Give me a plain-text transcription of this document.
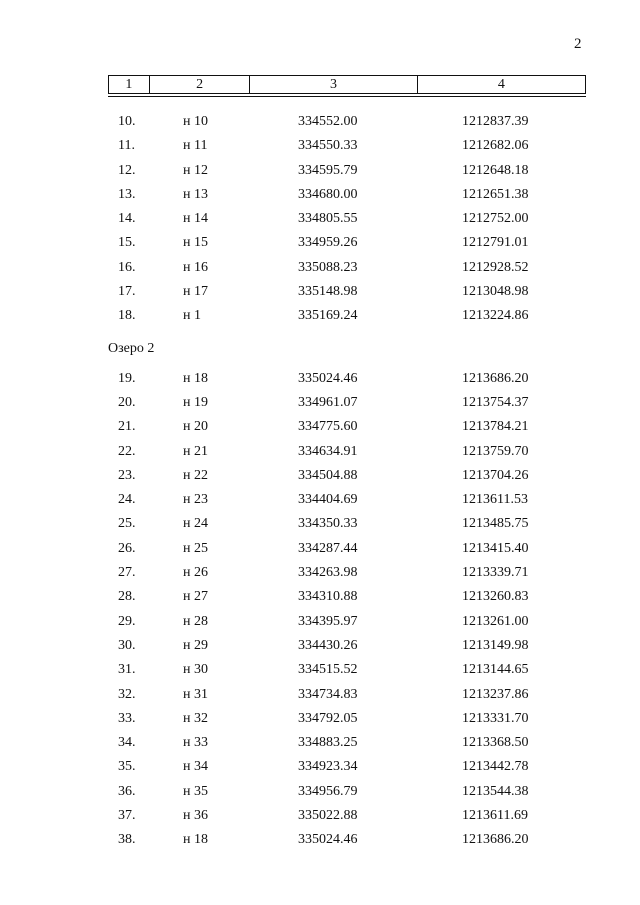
2
1	2	3	4
10.	н 10	334552.00	1212837.39
11.	н 11	334550.33	1212682.06
12.	н 12	334595.79	1212648.18
13.	н 13	334680.00	1212651.38
14.	н 14	334805.55	1212752.00
15.	н 15	334959.26	1212791.01
16.	н 16	335088.23	1212928.52
17.	н 17	335148.98	1213048.98
18.	н 1	335169.24	1213224.86
Озеро 2
19.	н 18	335024.46	1213686.20
20.	н 19	334961.07	1213754.37
21.	н 20	334775.60	1213784.21
22.	н 21	334634.91	1213759.70
23.	н 22	334504.88	1213704.26
24.	н 23	334404.69	1213611.53
25.	н 24	334350.33	1213485.75
26.	н 25	334287.44	1213415.40
27.	н 26	334263.98	1213339.71
28.	н 27	334310.88	1213260.83
29.	н 28	334395.97	1213261.00
30.	н 29	334430.26	1213149.98
31.	н 30	334515.52	1213144.65
32.	н 31	334734.83	1213237.86
33.	н 32	334792.05	1213331.70
34.	н 33	334883.25	1213368.50
35.	н 34	334923.34	1213442.78
36.	н 35	334956.79	1213544.38
37.	н 36	335022.88	1213611.69
38.	н 18	335024.46	1213686.20
